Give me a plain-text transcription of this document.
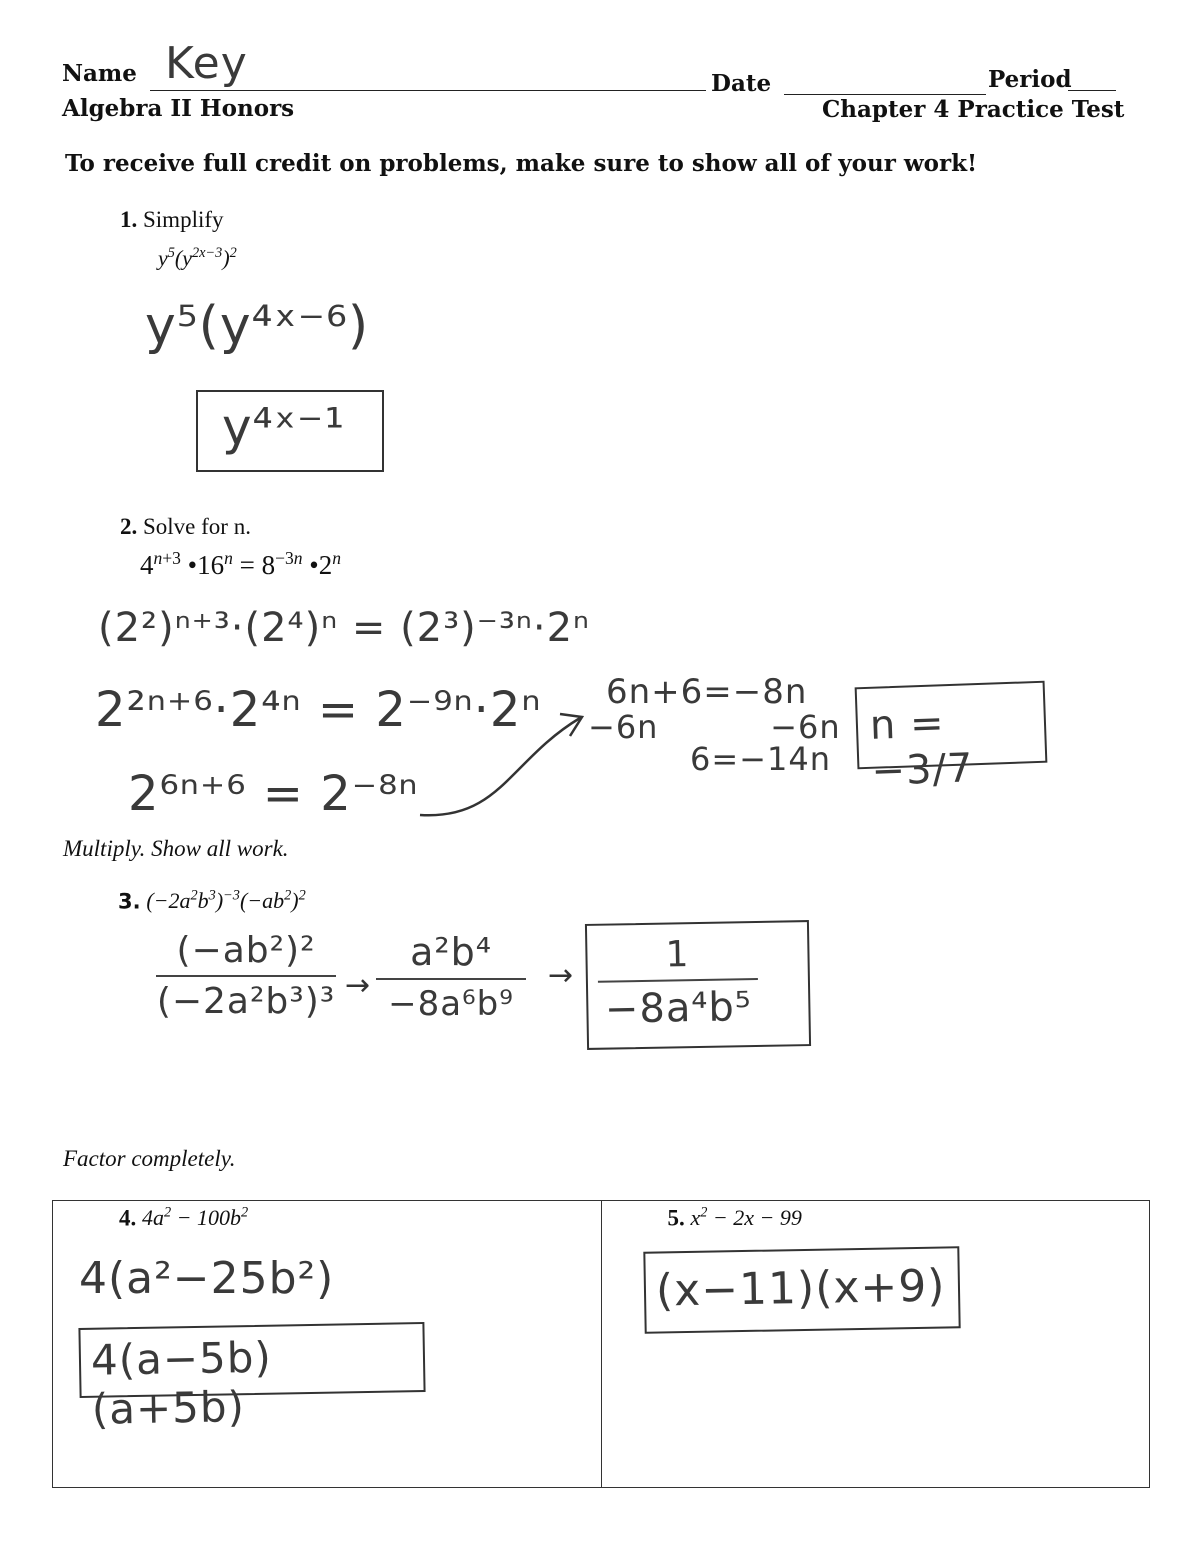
Name Key	Date	Period
Algebra II Honors	Chapter 4 Practice Test
To receive full credit on problems, make sure to show all of your work!
1. Simplify
$y^5(y^{2x-3})^2$
y⁵(y⁴ˣ⁻⁶)
y⁴ˣ⁻¹
2. Solve for n.
$4^{n+3}$ $•16^n = 8^{-3n}$ •2$^n$
(2²)ⁿ⁺³·(2⁴)ⁿ = (2³)⁻³ⁿ·2ⁿ
2²ⁿ⁺⁶·2⁴ⁿ = 2⁻⁹ⁿ·2ⁿ
2⁶ⁿ⁺⁶ = 2⁻⁸ⁿ
6n+6=−8n
−6n          −6n
6=−14n
n = −3/7
Multiply. Show all work.
3. $(-2a^2b^3)^{-3}(-ab^2)^2$
(−ab²)²
(−2a²b³)³ →
a²b⁴
−8a⁶b⁹
→	1
−8a⁴b⁵
Factor completely.
4. $4a^2 - 100b^2$
4(a²−25b²)
4(a−5b)(a+5b)

5. $x^2 - 2x - 99$
(x−11)(x+9)
